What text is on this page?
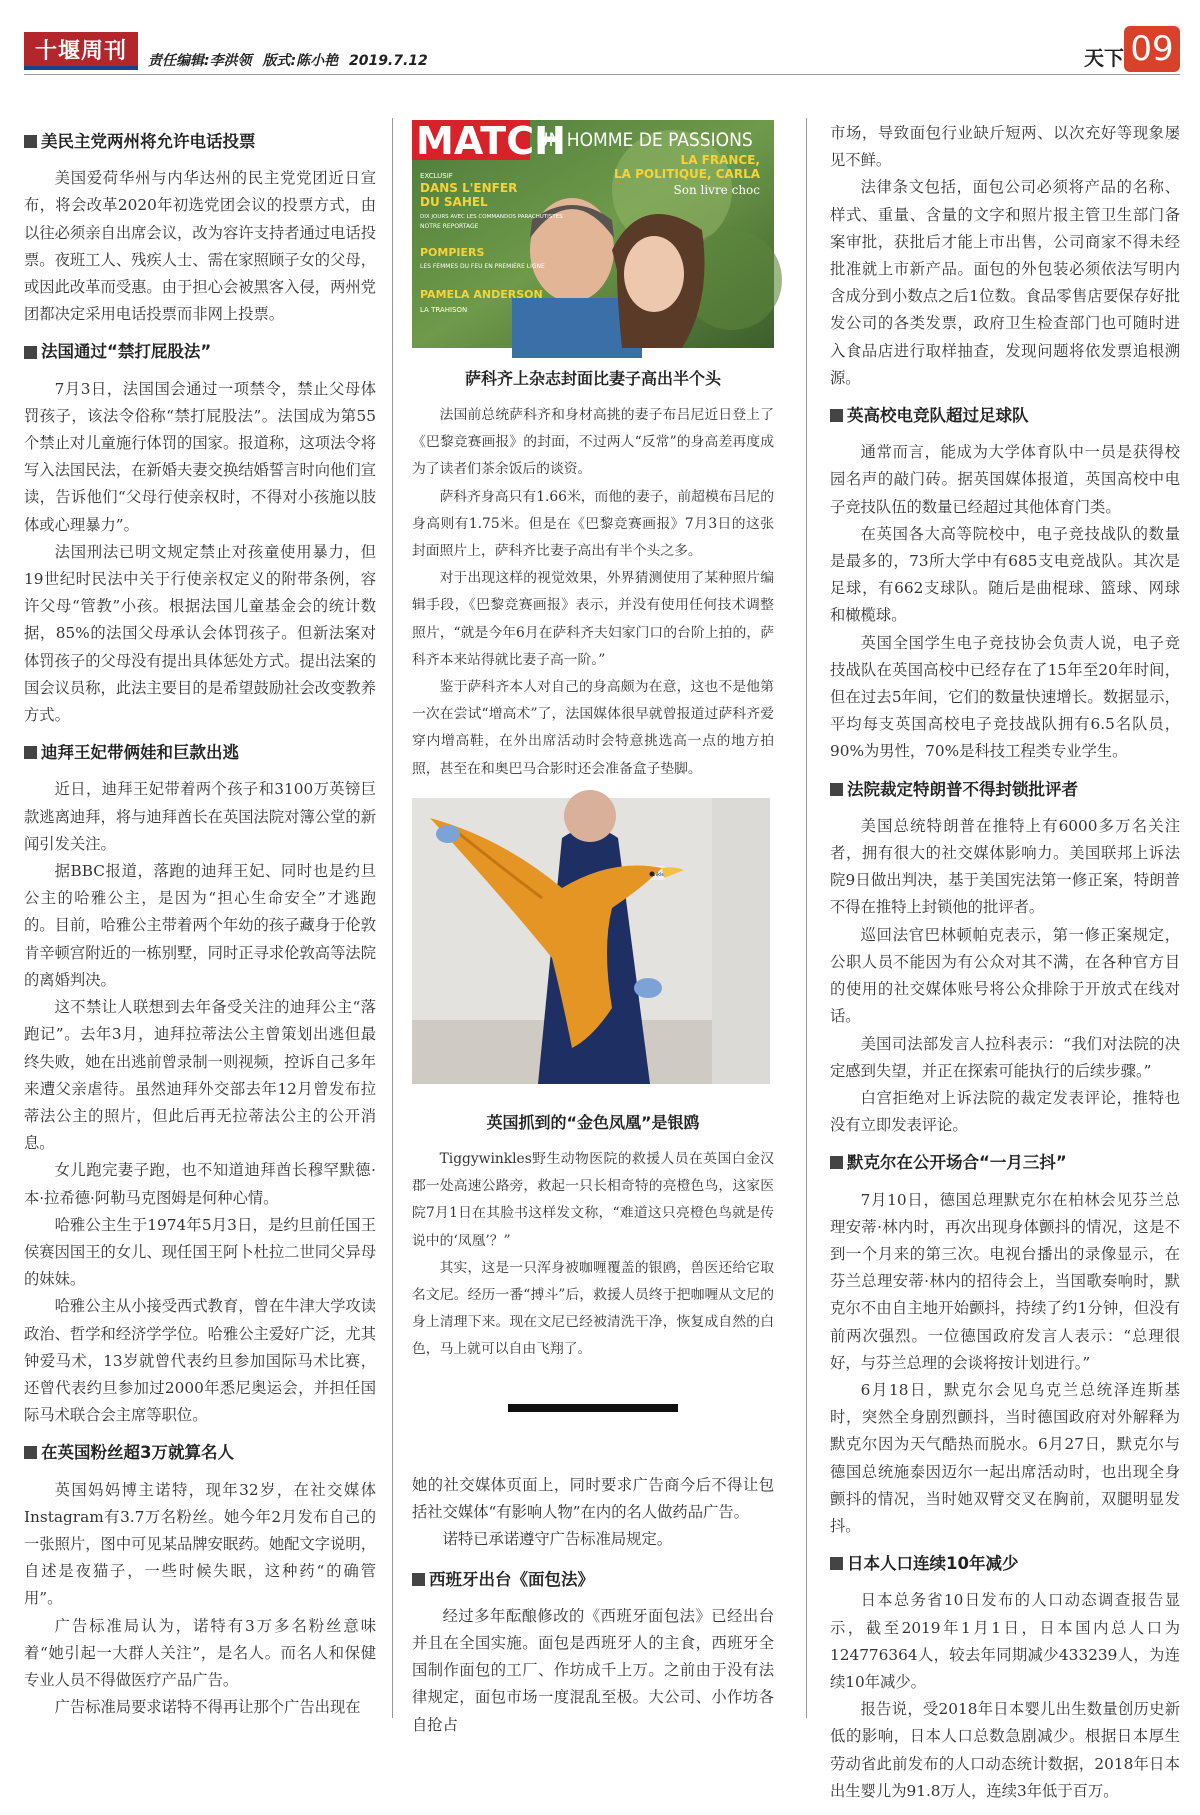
十堰周刊	责任编辑:李洪领 版式:陈小艳 2019.7.12	天下 09
美民主党两州将允许电话投票

美国爱荷华州与内华达州的民主党党团近日宣布，将会改革2020年初选党团会议的投票方式，由以往必须亲自出席会议，改为容许支持者通过电话投票。夜班工人、残疾人士、需在家照顾子女的父母，或因此改革而受惠。由于担心会被黑客入侵，两州党团都决定采用电话投票而非网上投票。

法国通过“禁打屁股法”

7月3日，法国国会通过一项禁令，禁止父母体罚孩子，该法令俗称“禁打屁股法”。法国成为第55个禁止对儿童施行体罚的国家。报道称，这项法令将写入法国民法，在新婚夫妻交换结婚誓言时向他们宣读，告诉他们“父母行使亲权时，不得对小孩施以肢体或心理暴力”。

法国刑法已明文规定禁止对孩童使用暴力，但19世纪时民法中关于行使亲权定义的附带条例，容许父母“管教”小孩。根据法国儿童基金会的统计数据，85%的法国父母承认会体罚孩子。但新法案对体罚孩子的父母没有提出具体惩处方式。提出法案的国会议员称，此法主要目的是希望鼓励社会改变教养方式。

迪拜王妃带俩娃和巨款出逃

近日，迪拜王妃带着两个孩子和3100万英镑巨款逃离迪拜，将与迪拜酋长在英国法院对簿公堂的新闻引发关注。

据BBC报道，落跑的迪拜王妃、同时也是约旦公主的哈雅公主，是因为“担心生命安全”才逃跑的。目前，哈雅公主带着两个年幼的孩子藏身于伦敦肯辛顿宫附近的一栋别墅，同时正寻求伦敦高等法院的离婚判决。

这不禁让人联想到去年备受关注的迪拜公主“落跑记”。去年3月，迪拜拉蒂法公主曾策划出逃但最终失败，她在出逃前曾录制一则视频，控诉自己多年来遭父亲虐待。虽然迪拜外交部去年12月曾发布拉蒂法公主的照片，但此后再无拉蒂法公主的公开消息。

女儿跑完妻子跑，也不知道迪拜酋长穆罕默德·本·拉希德·阿勒马克图姆是何种心情。

哈雅公主生于1974年5月3日，是约旦前任国王侯赛因国王的女儿、现任国王阿卜杜拉二世同父异母的妹妹。

哈雅公主从小接受西式教育，曾在牛津大学攻读政治、哲学和经济学学位。哈雅公主爱好广泛，尤其钟爱马术，13岁就曾代表约旦参加国际马术比赛，还曾代表约旦参加过2000年悉尼奥运会，并担任国际马术联合会主席等职位。

在英国粉丝超3万就算名人

英国妈妈博主诺特，现年32岁，在社交媒体Instagram有3.7万名粉丝。她今年2月发布自己的一张照片，图中可见某品牌安眠药。她配文字说明，自述是夜猫子，一些时候失眠，这种药“的确管用”。

广告标准局认为，诺特有3万多名粉丝意味着“她引起一大群人关注”，是名人。而名人和保健专业人员不得做医疗产品广告。

广告标准局要求诺特不得再让那个广告出现在

MATCH
UN HOMME DE PASSIONS
LA FRANCE,
LA POLITIQUE, CARLA
Son livre choc
EXCLUSIF
DANS L'ENFER
DU SAHEL
DIX JOURS AVEC LES COMMANDOS PARACHUTISTES
NOTRE REPORTAGE
POMPIERS
LES FEMMES DU FEU EN PREMIÈRE LIGNE
PAMELA ANDERSON
LA TRAHISON
萨科齐上杂志封面比妻子高出半个头

法国前总统萨科齐和身材高挑的妻子布吕尼近日登上了《巴黎竞赛画报》的封面，不过两人“反常”的身高差再度成为了读者们茶余饭后的谈资。

萨科齐身高只有1.66米，而他的妻子，前超模布吕尼的身高则有1.75米。但是在《巴黎竞赛画报》7月3日的这张封面照片上，萨科齐比妻子高出有半个头之多。

对于出现这样的视觉效果，外界猜测使用了某种照片编辑手段，《巴黎竞赛画报》表示，并没有使用任何技术调整照片，“就是今年6月在萨科齐夫妇家门口的台阶上拍的，萨科齐本来站得就比妻子高一阶。”

鉴于萨科齐本人对自己的身高颇为在意，这也不是他第一次在尝试“增高术”了，法国媒体很早就曾报道过萨科齐爱穿内增高鞋，在外出席活动时会特意挑选高一点的地方拍照，甚至在和奥巴马合影时还会准备盒子垫脚。

英国抓到的“金色凤凰”是银鸥

Tiggywinkles野生动物医院的救援人员在英国白金汉郡一处高速公路旁，救起一只长相奇特的亮橙色鸟，这家医院7月1日在其脸书这样发文称，“难道这只亮橙色鸟就是传说中的‘凤凰’？”

其实，这是一只浑身被咖喱覆盖的银鸥，兽医还给它取名文尼。经历一番“搏斗”后，救援人员终于把咖喱从文尼的身上清理下来。现在文尼已经被清洗干净，恢复成自然的白色，马上就可以自由飞翔了。

她的社交媒体页面上，同时要求广告商今后不得让包括社交媒体“有影响人物”在内的名人做药品广告。

诺特已承诺遵守广告标准局规定。

西班牙出台《面包法》

经过多年酝酿修改的《西班牙面包法》已经出台并且在全国实施。面包是西班牙人的主食，西班牙全国制作面包的工厂、作坊成千上万。之前由于没有法律规定，面包市场一度混乱至极。大公司、小作坊各自抢占

市场，导致面包行业缺斤短两、以次充好等现象屡见不鲜。

法律条文包括，面包公司必须将产品的名称、样式、重量、含量的文字和照片报主管卫生部门备案审批，获批后才能上市出售，公司商家不得未经批准就上市新产品。面包的外包装必须依法写明内含成分到小数点之后1位数。食品零售店要保存好批发公司的各类发票，政府卫生检查部门也可随时进入食品店进行取样抽查，发现问题将依发票追根溯源。

英高校电竞队超过足球队

通常而言，能成为大学体育队中一员是获得校园名声的敲门砖。据英国媒体报道，英国高校中电子竞技队伍的数量已经超过其他体育门类。

在英国各大高等院校中，电子竞技战队的数量是最多的，73所大学中有685支电竞战队。其次是足球，有662支球队。随后是曲棍球、篮球、网球和橄榄球。

英国全国学生电子竞技协会负责人说，电子竞技战队在英国高校中已经存在了15年至20年时间，但在过去5年间，它们的数量快速增长。数据显示，平均每支英国高校电子竞技战队拥有6.5名队员，90%为男性，70%是科技工程类专业学生。

法院裁定特朗普不得封锁批评者

美国总统特朗普在推特上有6000多万名关注者，拥有很大的社交媒体影响力。美国联邦上诉法院9日做出判决，基于美国宪法第一修正案，特朗普不得在推特上封锁他的批评者。

巡回法官巴林顿帕克表示，第一修正案规定，公职人员不能因为有公众对其不满，在各种官方目的使用的社交媒体账号将公众排除于开放式在线对话。

美国司法部发言人拉科表示：“我们对法院的决定感到失望，并正在探索可能执行的后续步骤。”

白宫拒绝对上诉法院的裁定发表评论，推特也没有立即发表评论。

默克尔在公开场合“一月三抖”

7月10日，德国总理默克尔在柏林会见芬兰总理安蒂·林内时，再次出现身体颤抖的情况，这是不到一个月来的第三次。电视台播出的录像显示，在芬兰总理安蒂·林内的招待会上，当国歌奏响时，默克尔不由自主地开始颤抖，持续了约1分钟，但没有前两次强烈。一位德国政府发言人表示：“总理很好，与芬兰总理的会谈将按计划进行。”

6月18日，默克尔会见乌克兰总统泽连斯基时，突然全身剧烈颤抖，当时德国政府对外解释为默克尔因为天气酷热而脱水。6月27日，默克尔与德国总统施泰因迈尔一起出席活动时，也出现全身颤抖的情况，当时她双臂交叉在胸前，双腿明显发抖。

日本人口连续10年减少

日本总务省10日发布的人口动态调查报告显示，截至2019年1月1日，日本国内总人口为124776364人，较去年同期减少433239人，为连续10年减少。

报告说，受2018年日本婴儿出生数量创历史新低的影响，日本人口总数急剧减少。根据日本厚生劳动省此前发布的人口动态统计数据，2018年日本出生婴儿为91.8万人，连续3年低于百万。
